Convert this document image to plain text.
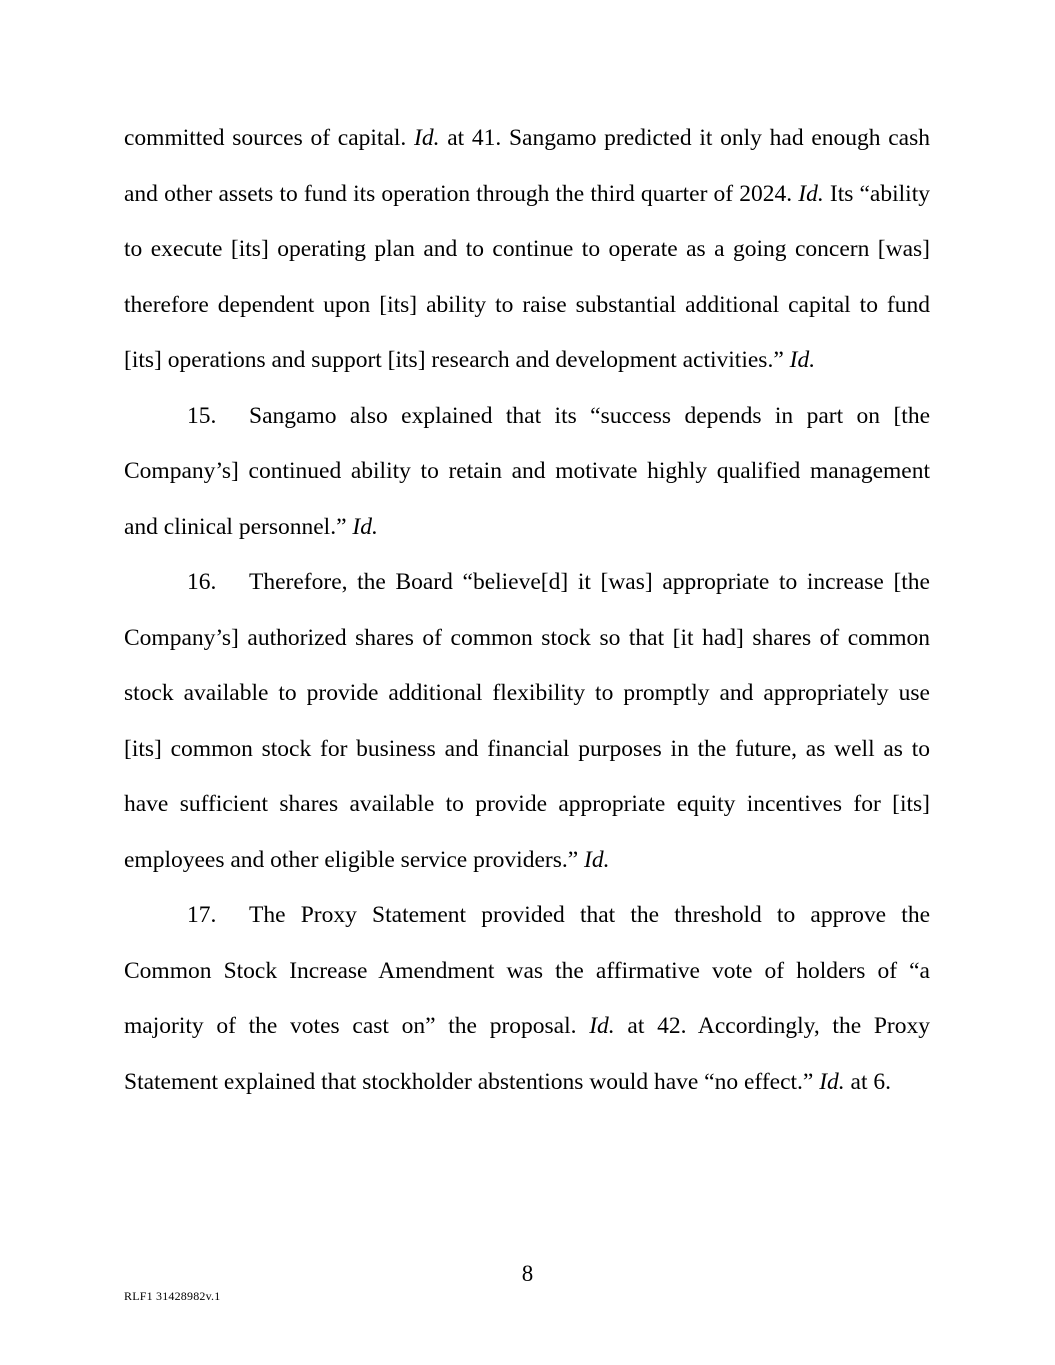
committed sources of capital. Id. at 41. Sangamo predicted it only had enough cash and other assets to fund its operation through the third quarter of 2024. Id. Its “ability to execute [its] operating plan and to continue to operate as a going concern [was] therefore dependent upon [its] ability to raise substantial additional capital to fund [its] operations and support [its] research and development activities.” Id.

15. Sangamo also explained that its “success depends in part on [the Company’s] continued ability to retain and motivate highly qualified management and clinical personnel.” Id.

16. Therefore, the Board “believe[d] it [was] appropriate to increase [the Company’s] authorized shares of common stock so that [it had] shares of common stock available to provide additional flexibility to promptly and appropriately use [its] common stock for business and financial purposes in the future, as well as to have sufficient shares available to provide appropriate equity incentives for [its] employees and other eligible service providers.” Id.

17. The Proxy Statement provided that the threshold to approve the Common Stock Increase Amendment was the affirmative vote of holders of “a majority of the votes cast on” the proposal. Id. at 42. Accordingly, the Proxy Statement explained that stockholder abstentions would have “no effect.” Id. at 6.

8
RLF1 31428982v.1
